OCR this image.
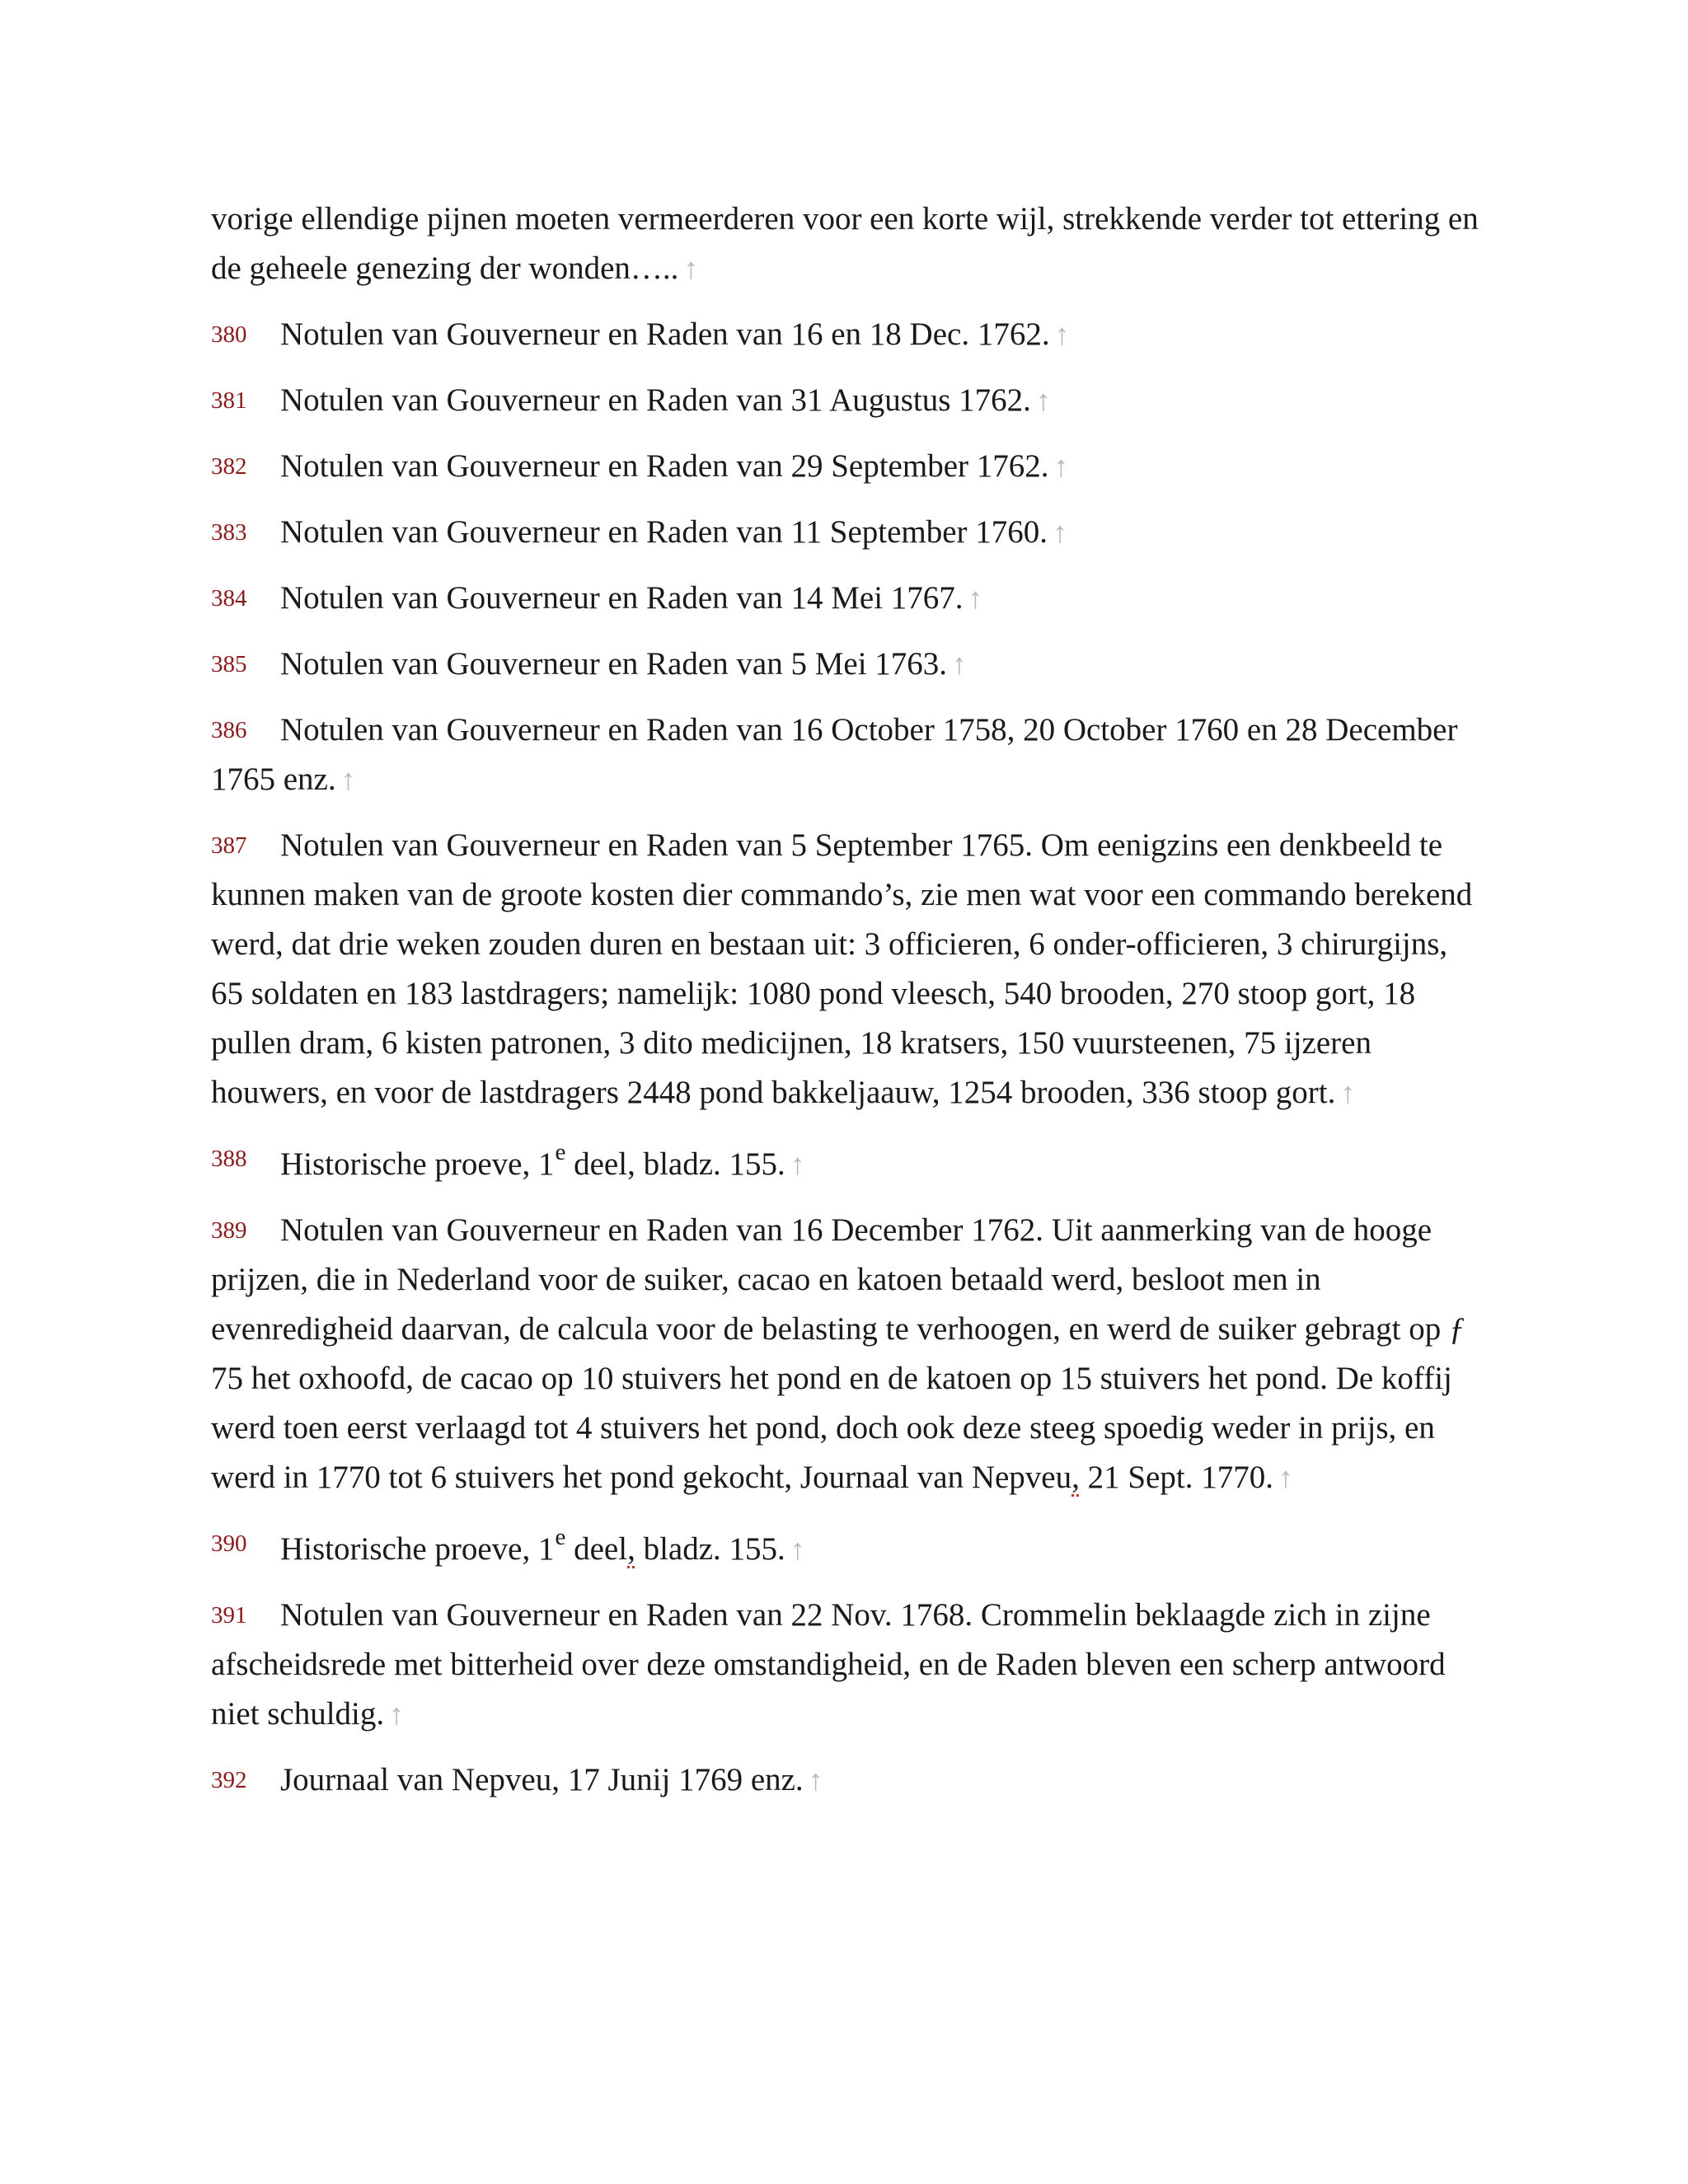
vorige ellendige pijnen moeten vermeerderen voor een korte wijl, strekkende verder tot ettering en de geheele genezing der wonden….. ↑

380 Notulen van Gouverneur en Raden van 16 en 18 Dec. 1762. ↑

381 Notulen van Gouverneur en Raden van 31 Augustus 1762. ↑

382 Notulen van Gouverneur en Raden van 29 September 1762. ↑

383 Notulen van Gouverneur en Raden van 11 September 1760. ↑

384 Notulen van Gouverneur en Raden van 14 Mei 1767. ↑

385 Notulen van Gouverneur en Raden van 5 Mei 1763. ↑

386 Notulen van Gouverneur en Raden van 16 October 1758, 20 October 1760 en 28 December 1765 enz. ↑

387 Notulen van Gouverneur en Raden van 5 September 1765. Om eenigzins een denkbeeld te kunnen maken van de groote kosten dier commando’s, zie men wat voor een commando berekend werd, dat drie weken zouden duren en bestaan uit: 3 officieren, 6 onder-officieren, 3 chirurgijns, 65 soldaten en 183 lastdragers; namelijk: 1080 pond vleesch, 540 brooden, 270 stoop gort, 18 pullen dram, 6 kisten patronen, 3 dito medicijnen, 18 kratsers, 150 vuursteenen, 75 ijzeren houwers, en voor de lastdragers 2448 pond bakkeljaauw, 1254 brooden, 336 stoop gort. ↑

388 Historische proeve, 1e deel, bladz. 155. ↑

389 Notulen van Gouverneur en Raden van 16 December 1762. Uit aanmerking van de hooge prijzen, die in Nederland voor de suiker, cacao en katoen betaald werd, besloot men in evenredigheid daarvan, de calcula voor de belasting te verhoogen, en werd de suiker gebragt op ƒ 75 het oxhoofd, de cacao op 10 stuivers het pond en de katoen op 15 stuivers het pond. De koffij werd toen eerst verlaagd tot 4 stuivers het pond, doch ook deze steeg spoedig weder in prijs, en werd in 1770 tot 6 stuivers het pond gekocht, Journaal van Nepveu, 21 Sept. 1770. ↑

390 Historische proeve, 1e deel, bladz. 155. ↑

391 Notulen van Gouverneur en Raden van 22 Nov. 1768. Crommelin beklaagde zich in zijne afscheidsrede met bitterheid over deze omstandigheid, en de Raden bleven een scherp antwoord niet schuldig. ↑

392 Journaal van Nepveu, 17 Junij 1769 enz. ↑
